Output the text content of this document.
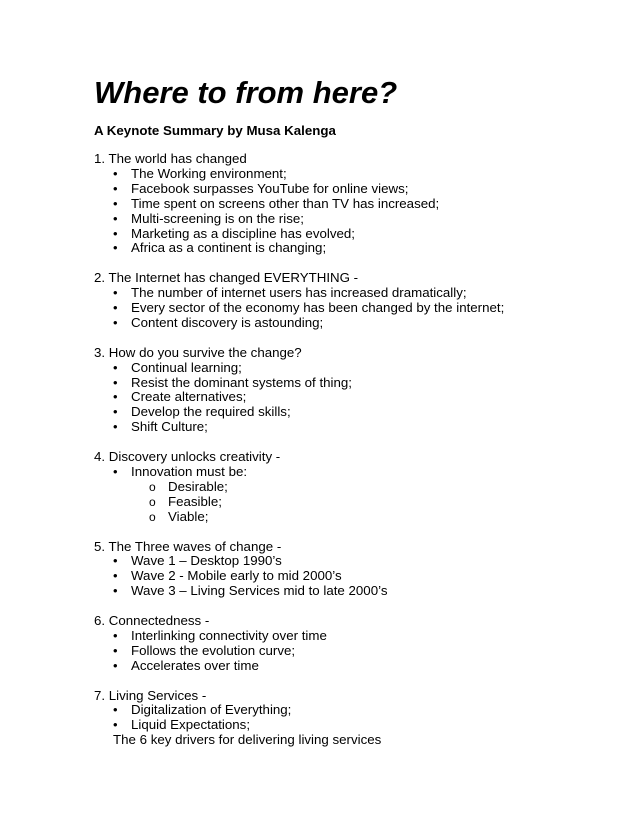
Where to from here?

A Keynote Summary by Musa Kalenga

1. The world has changed
• The Working environment;
• Facebook surpasses YouTube for online views;
• Time spent on screens other than TV has increased;
• Multi-screening is on the rise;
• Marketing as a discipline has evolved;
• Africa as a continent is changing;
2. The Internet has changed EVERYTHING -
• The number of internet users has increased dramatically;
• Every sector of the economy has been changed by the internet;
• Content discovery is astounding;
3. How do you survive the change?
• Continual learning;
• Resist the dominant systems of thing;
• Create alternatives;
• Develop the required skills;
• Shift Culture;
4. Discovery unlocks creativity -
• Innovation must be:
o Desirable;
o Feasible;
o Viable;
5. The Three waves of change -
• Wave 1 – Desktop 1990’s
• Wave 2 - Mobile early to mid 2000’s
• Wave 3 – Living Services mid to late 2000’s
6. Connectedness -
• Interlinking connectivity over time
• Follows the evolution curve;
• Accelerates over time
7. Living Services -
• Digitalization of Everything;
• Liquid Expectations;
The 6 key drivers for delivering living services
